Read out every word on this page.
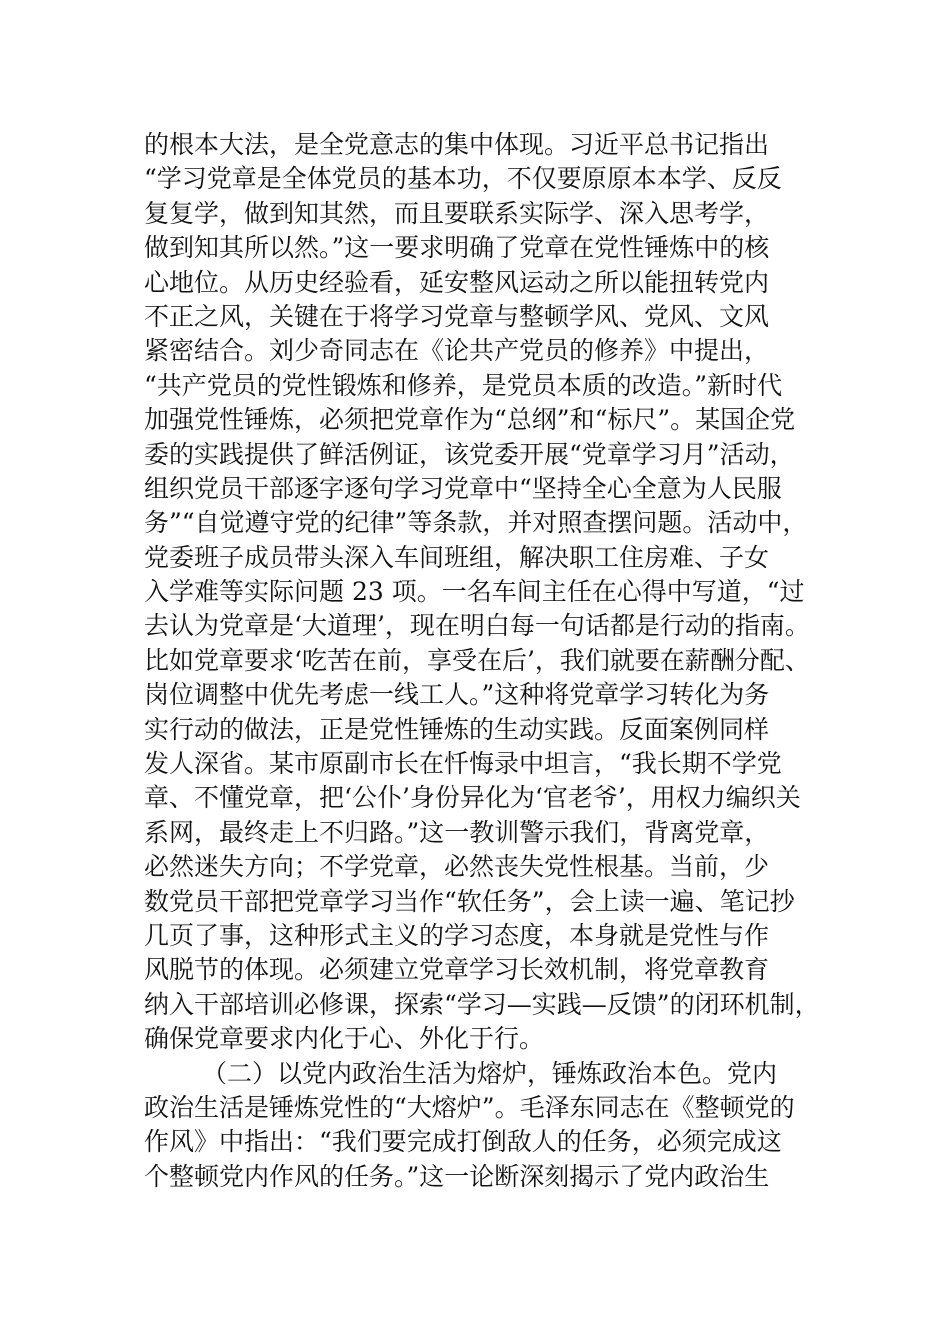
的根本大法，是全党意志的集中体现。习近平总书记指出
“学习党章是全体党员的基本功，不仅要原原本本学、反反
复复学，做到知其然，而且要联系实际学、深入思考学，
做到知其所以然。”这一要求明确了党章在党性锤炼中的核
心地位。从历史经验看，延安整风运动之所以能扭转党内
不正之风，关键在于将学习党章与整顿学风、党风、文风
紧密结合。刘少奇同志在《论共产党员的修养》中提出，
“共产党员的党性锻炼和修养，是党员本质的改造。”新时代
加强党性锤炼，必须把党章作为“总纲”和“标尺”。某国企党
委的实践提供了鲜活例证，该党委开展“党章学习月”活动，
组织党员干部逐字逐句学习党章中“坚持全心全意为人民服
务”“自觉遵守党的纪律”等条款，并对照查摆问题。活动中，
党委班子成员带头深入车间班组，解决职工住房难、子女
入学难等实际问题 23 项。一名车间主任在心得中写道，“过
去认为党章是‘大道理’，现在明白每一句话都是行动的指南。
比如党章要求‘吃苦在前，享受在后’，我们就要在薪酬分配、
岗位调整中优先考虑一线工人。”这种将党章学习转化为务
实行动的做法，正是党性锤炼的生动实践。反面案例同样
发人深省。某市原副市长在忏悔录中坦言，“我长期不学党
章、不懂党章，把‘公仆’身份异化为‘官老爷’，用权力编织关
系网，最终走上不归路。”这一教训警示我们，背离党章，
必然迷失方向；不学党章，必然丧失党性根基。当前，少
数党员干部把党章学习当作“软任务”，会上读一遍、笔记抄
几页了事，这种形式主义的学习态度，本身就是党性与作
风脱节的体现。必须建立党章学习长效机制，将党章教育
纳入干部培训必修课，探索“学习—实践—反馈”的闭环机制，
确保党章要求内化于心、外化于行。
（二）以党内政治生活为熔炉，锤炼政治本色。党内
政治生活是锤炼党性的“大熔炉”。毛泽东同志在《整顿党的
作风》中指出：“我们要完成打倒敌人的任务，必须完成这
个整顿党内作风的任务。”这一论断深刻揭示了党内政治生
